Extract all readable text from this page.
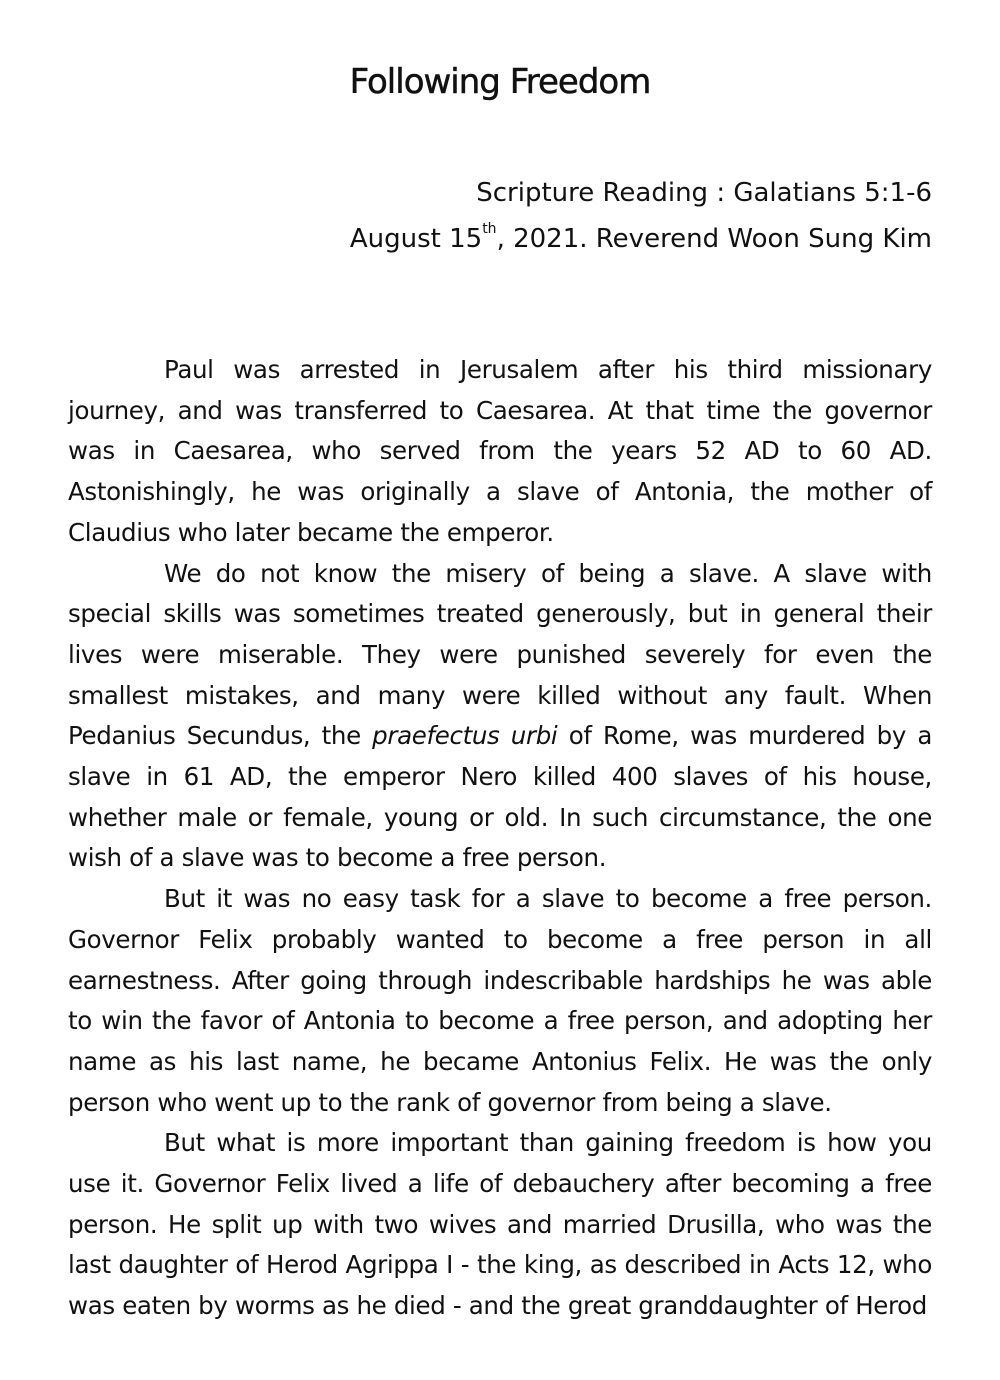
Following Freedom
Scripture Reading : Galatians 5:1-6
August 15th, 2021. Reverend Woon Sung Kim

Paul was arrested in Jerusalem after his third missionary journey, and was transferred to Caesarea. At that time the governor was in Caesarea, who served from the years 52 AD to 60 AD. Astonishingly, he was originally a slave of Antonia, the mother of Claudius who later became the emperor.

We do not know the misery of being a slave. A slave with special skills was sometimes treated generously, but in general their lives were miserable. They were punished severely for even the smallest mistakes, and many were killed without any fault. When Pedanius Secundus, the praefectus urbi of Rome, was murdered by a slave in 61 AD, the emperor Nero killed 400 slaves of his house, whether male or female, young or old. In such circumstance, the one wish of a slave was to become a free person.

But it was no easy task for a slave to become a free person. Governor Felix probably wanted to become a free person in all earnestness. After going through indescribable hardships he was able to win the favor of Antonia to become a free person, and adopting her name as his last name, he became Antonius Felix. He was the only person who went up to the rank of governor from being a slave.

But what is more important than gaining freedom is how you use it. Governor Felix lived a life of debauchery after becoming a free person. He split up with two wives and married Drusilla, who was the last daughter of Herod Agrippa I - the king, as described in Acts 12, who was eaten by worms as he died - and the great granddaughter of Herod
